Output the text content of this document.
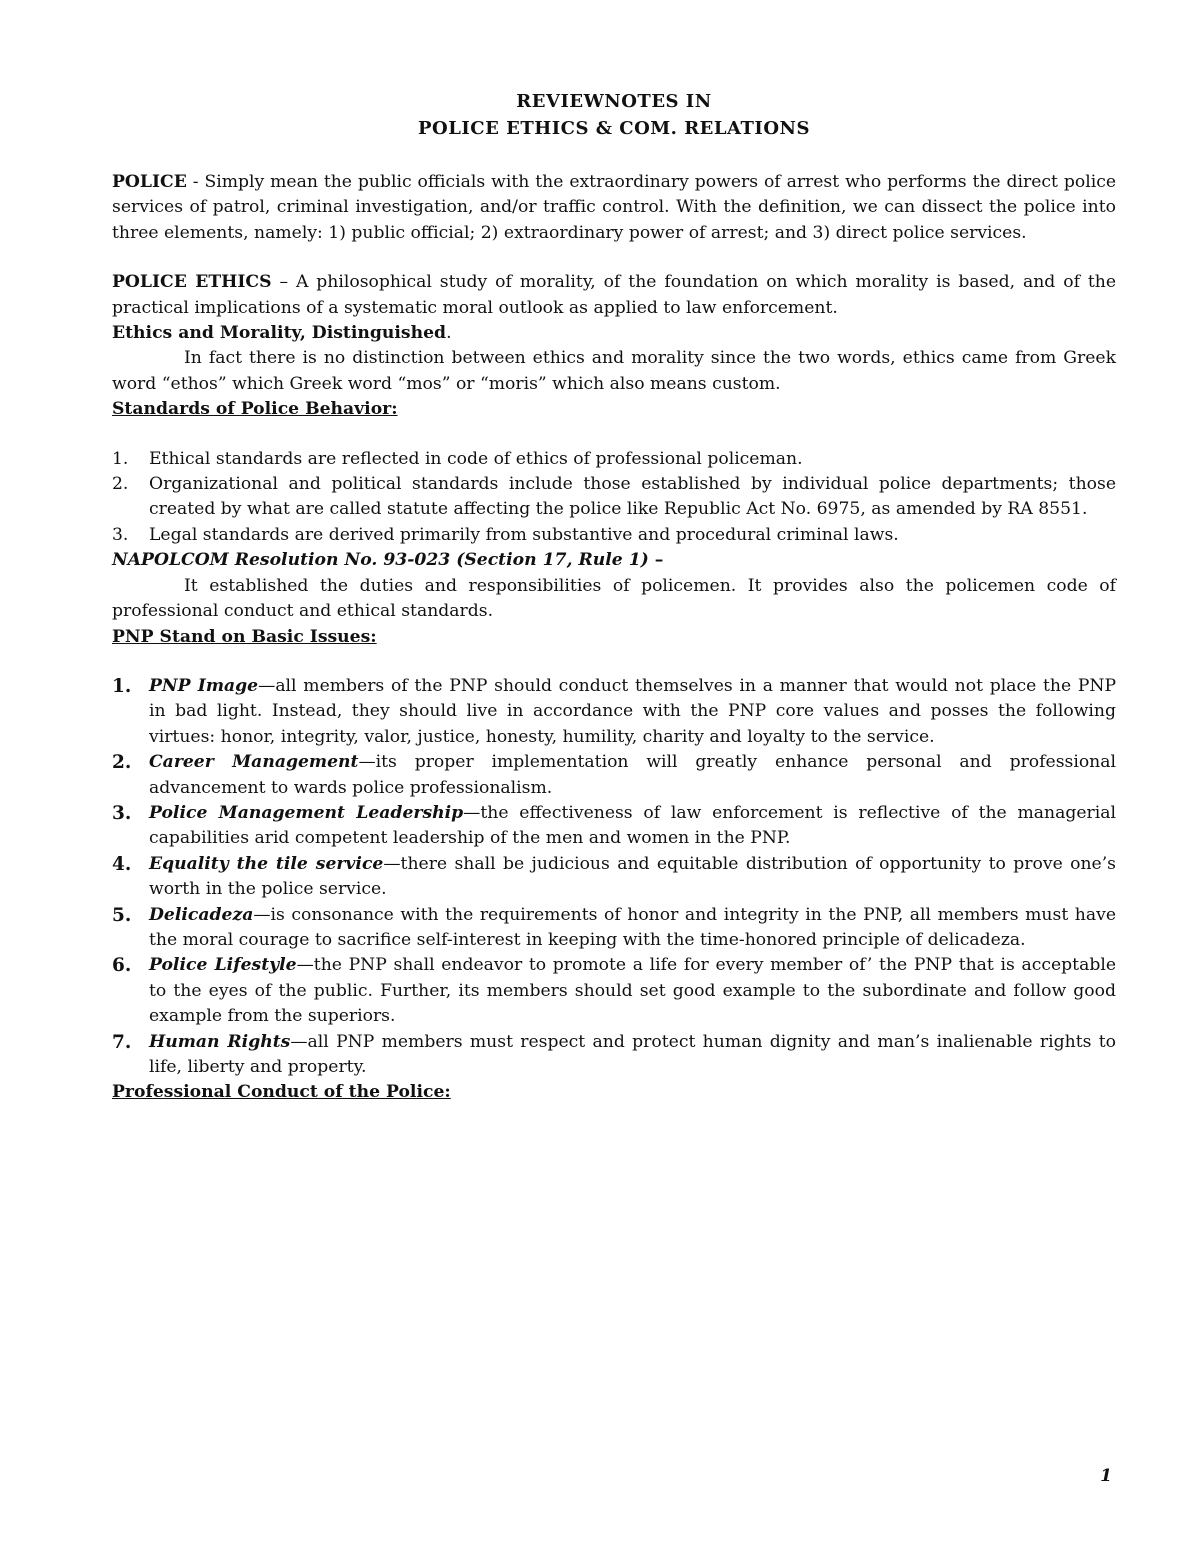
REVIEWNOTES IN

POLICE ETHICS & COM. RELATIONS

POLICE - Simply mean the public officials with the extraordinary powers of arrest who performs the direct police services of patrol, criminal investigation, and/or traffic control. With the definition, we can dissect the police into three elements, namely: 1) public official; 2) extraordinary power of arrest; and 3) direct police services.

POLICE ETHICS – A philosophical study of morality, of the foundation on which morality is based, and of the practical implications of a systematic moral outlook as applied to law enforcement.

Ethics and Morality, Distinguished.

In fact there is no distinction between ethics and morality since the two words, ethics came from Greek word “ethos” which Greek word “mos” or “moris” which also means custom.

Standards of Police Behavior:

1. Ethical standards are reflected in code of ethics of professional policeman.
2. Organizational and political standards include those established by individual police departments; those created by what are called statute affecting the police like Republic Act No. 6975, as amended by RA 8551.
3. Legal standards are derived primarily from substantive and procedural criminal laws.

NAPOLCOM Resolution No. 93-023 (Section 17, Rule 1) –

It established the duties and responsibilities of policemen. It provides also the policemen code of professional conduct and ethical standards.

PNP Stand on Basic Issues:

1. PNP Image—all members of the PNP should conduct themselves in a manner that would not place the PNP in bad light. Instead, they should live in accordance with the PNP core values and posses the following virtues: honor, integrity, valor, justice, honesty, humility, charity and loyalty to the service.
2. Career Management—its proper implementation will greatly enhance personal and professional advancement to wards police professionalism.
3. Police Management Leadership—the effectiveness of law enforcement is reflective of the managerial capabilities arid competent leadership of the men and women in the PNP.
4. Equality the tile service—there shall be judicious and equitable distribution of opportunity to prove one’s worth in the police service.
5. Delicadeza—is consonance with the requirements of honor and integrity in the PNP, all members must have the moral courage to sacrifice self-interest in keeping with the time-honored principle of delicadeza.
6. Police Lifestyle—the PNP shall endeavor to promote a life for every member of’ the PNP that is acceptable to the eyes of the public. Further, its members should set good example to the subordinate and follow good example from the superiors.
7. Human Rights—all PNP members must respect and protect human dignity and man’s inalienable rights to life, liberty and property.

Professional Conduct of the Police:

1
